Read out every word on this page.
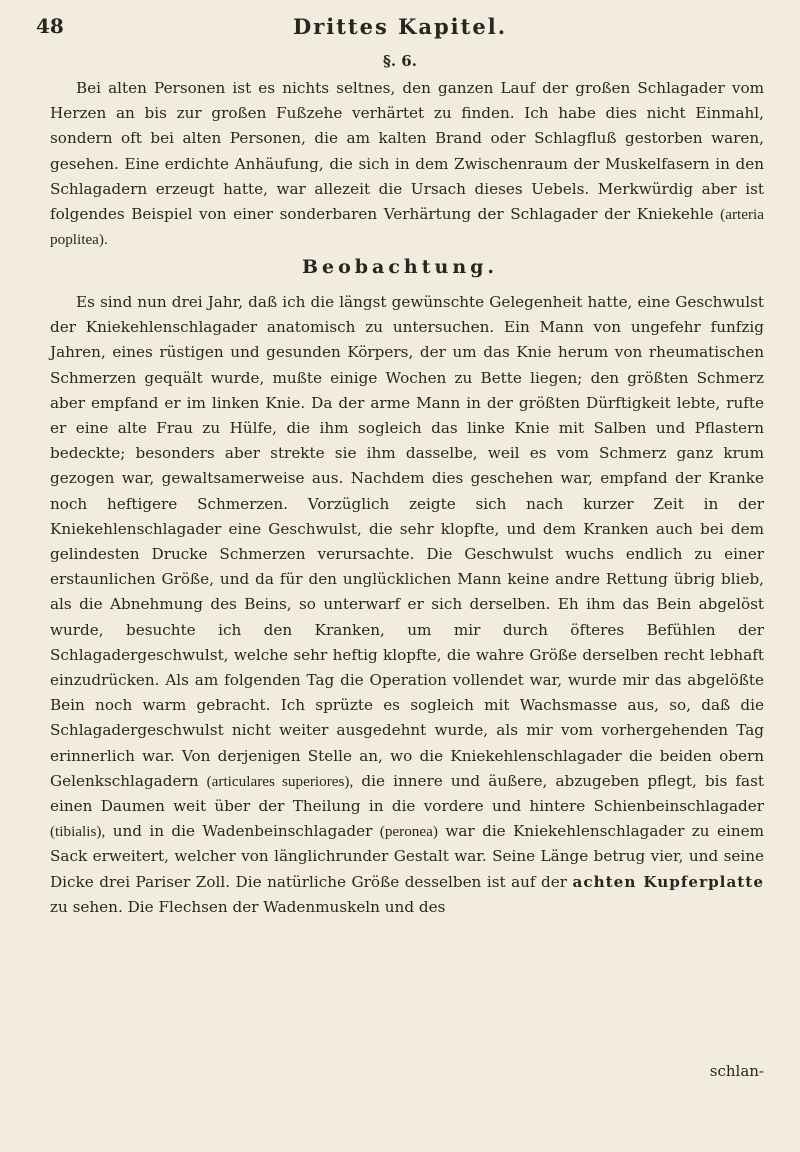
48	Drittes Kapitel.
§. 6.

Bei alten Personen ist es nichts seltnes, den ganzen Lauf der großen Schlagader vom Herzen an bis zur großen Fußzehe verhärtet zu finden. Ich habe dies nicht Einmahl, sondern oft bei alten Personen, die am kalten Brand oder Schlagfluß gestorben waren, gesehen. Eine erdichte Anhäufung, die sich in dem Zwischenraum der Muskelfasern in den Schlagadern erzeugt hatte, war allezeit die Ursach dieses Uebels. Merkwürdig aber ist folgendes Beispiel von einer sonderbaren Verhärtung der Schlagader der Kniekehle (arteria poplitea).

Beobachtung.

Es sind nun drei Jahr, daß ich die längst gewünschte Gelegenheit hatte, eine Geschwulst der Kniekehlenschlagader anatomisch zu untersuchen. Ein Mann von ungefehr funfzig Jahren, eines rüstigen und gesunden Körpers, der um das Knie herum von rheumatischen Schmerzen gequält wurde, mußte einige Wochen zu Bette liegen; den größten Schmerz aber empfand er im linken Knie. Da der arme Mann in der größten Dürftigkeit lebte, rufte er eine alte Frau zu Hülfe, die ihm sogleich das linke Knie mit Salben und Pflastern bedeckte; besonders aber strekte sie ihm dasselbe, weil es vom Schmerz ganz krum gezogen war, gewaltsamerweise aus. Nachdem dies geschehen war, empfand der Kranke noch heftigere Schmerzen. Vorzüglich zeigte sich nach kurzer Zeit in der Kniekehlenschlagader eine Geschwulst, die sehr klopfte, und dem Kranken auch bei dem gelindesten Drucke Schmerzen verursachte. Die Geschwulst wuchs endlich zu einer erstaunlichen Größe, und da für den unglücklichen Mann keine andre Rettung übrig blieb, als die Abnehmung des Beins, so unterwarf er sich derselben. Eh ihm das Bein abgelöst wurde, besuchte ich den Kranken, um mir durch öfteres Befühlen der Schlagadergeschwulst, welche sehr heftig klopfte, die wahre Größe derselben recht lebhaft einzudrücken. Als am folgenden Tag die Operation vollendet war, wurde mir das abgelößte Bein noch warm gebracht. Ich sprüzte es sogleich mit Wachsmasse aus, so, daß die Schlagadergeschwulst nicht weiter ausgedehnt wurde, als mir vom vorhergehenden Tag erinnerlich war. Von derjenigen Stelle an, wo die Kniekehlenschlagader die beiden obern Gelenkschlagadern (articulares superiores), die innere und äußere, abzugeben pflegt, bis fast einen Daumen weit über der Theilung in die vordere und hintere Schienbeinschlagader (tibialis), und in die Wadenbeinschlagader (peronea) war die Kniekehlenschlagader zu einem Sack erweitert, welcher von länglichrunder Gestalt war. Seine Länge betrug vier, und seine Dicke drei Pariser Zoll. Die natürliche Größe desselben ist auf der achten Kupferplatte zu sehen. Die Flechsen der Wadenmuskeln und des

schlan-
